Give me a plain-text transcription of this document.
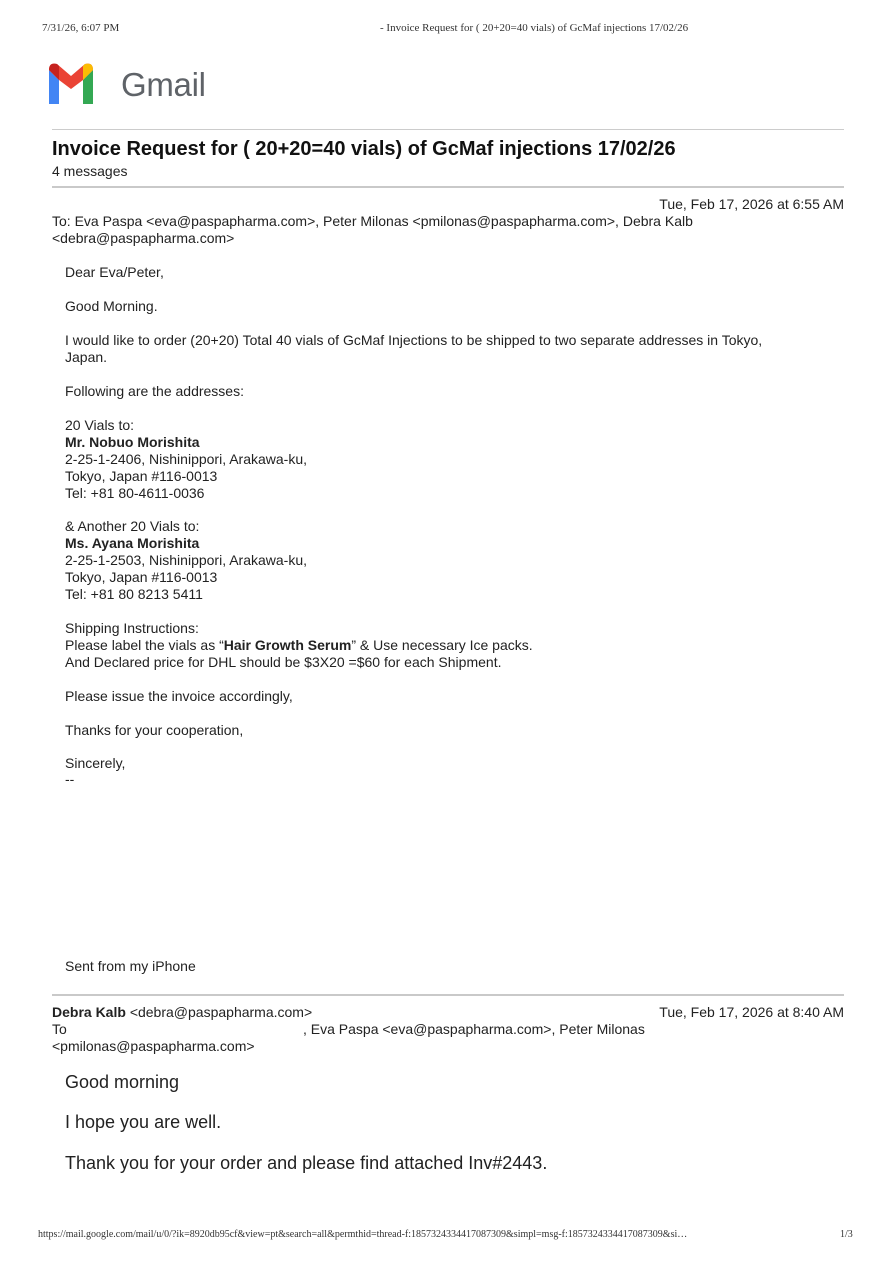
7/31/26, 6:07 PM	- Invoice Request for ( 20+20=40 vials) of GcMaf injections 17/02/26
Gmail
Invoice Request for ( 20+20=40 vials) of GcMaf injections 17/02/26
4 messages
Tue, Feb 17, 2026 at 6:55 AM
To: Eva Paspa <eva@paspapharma.com>, Peter Milonas <pmilonas@paspapharma.com>, Debra Kalb
<debra@paspapharma.com>
Dear Eva/Peter,
Good Morning.
I would like to order (20+20) Total 40 vials of GcMaf Injections to be shipped to two separate addresses in Tokyo,
Japan.
Following are the addresses:
20 Vials to:
Mr. Nobuo Morishita
2-25-1-2406, Nishinippori, Arakawa-ku,
Tokyo, Japan #116-0013
Tel: +81 80-4611-0036
& Another 20 Vials to:
Ms. Ayana Morishita
2-25-1-2503, Nishinippori, Arakawa-ku,
Tokyo, Japan #116-0013
Tel: +81 80 8213 5411
Shipping Instructions:
Please label the vials as “Hair Growth Serum” & Use necessary Ice packs.
And Declared price for DHL should be $3X20 =$60 for each Shipment.
Please issue the invoice accordingly,
Thanks for your cooperation,
Sincerely,
--
Sent from my iPhone
Debra Kalb <debra@paspapharma.com>	Tue, Feb 17, 2026 at 8:40 AM
To	, Eva Paspa <eva@paspapharma.com>, Peter Milonas
<pmilonas@paspapharma.com>
Good morning
I hope you are well.
Thank you for your order and please find attached Inv#2443.
https://mail.google.com/mail/u/0/?ik=8920db95cf&view=pt&search=all&permthid=thread-f:1857324334417087309&simpl=msg-f:1857324334417087309&si…	1/3
